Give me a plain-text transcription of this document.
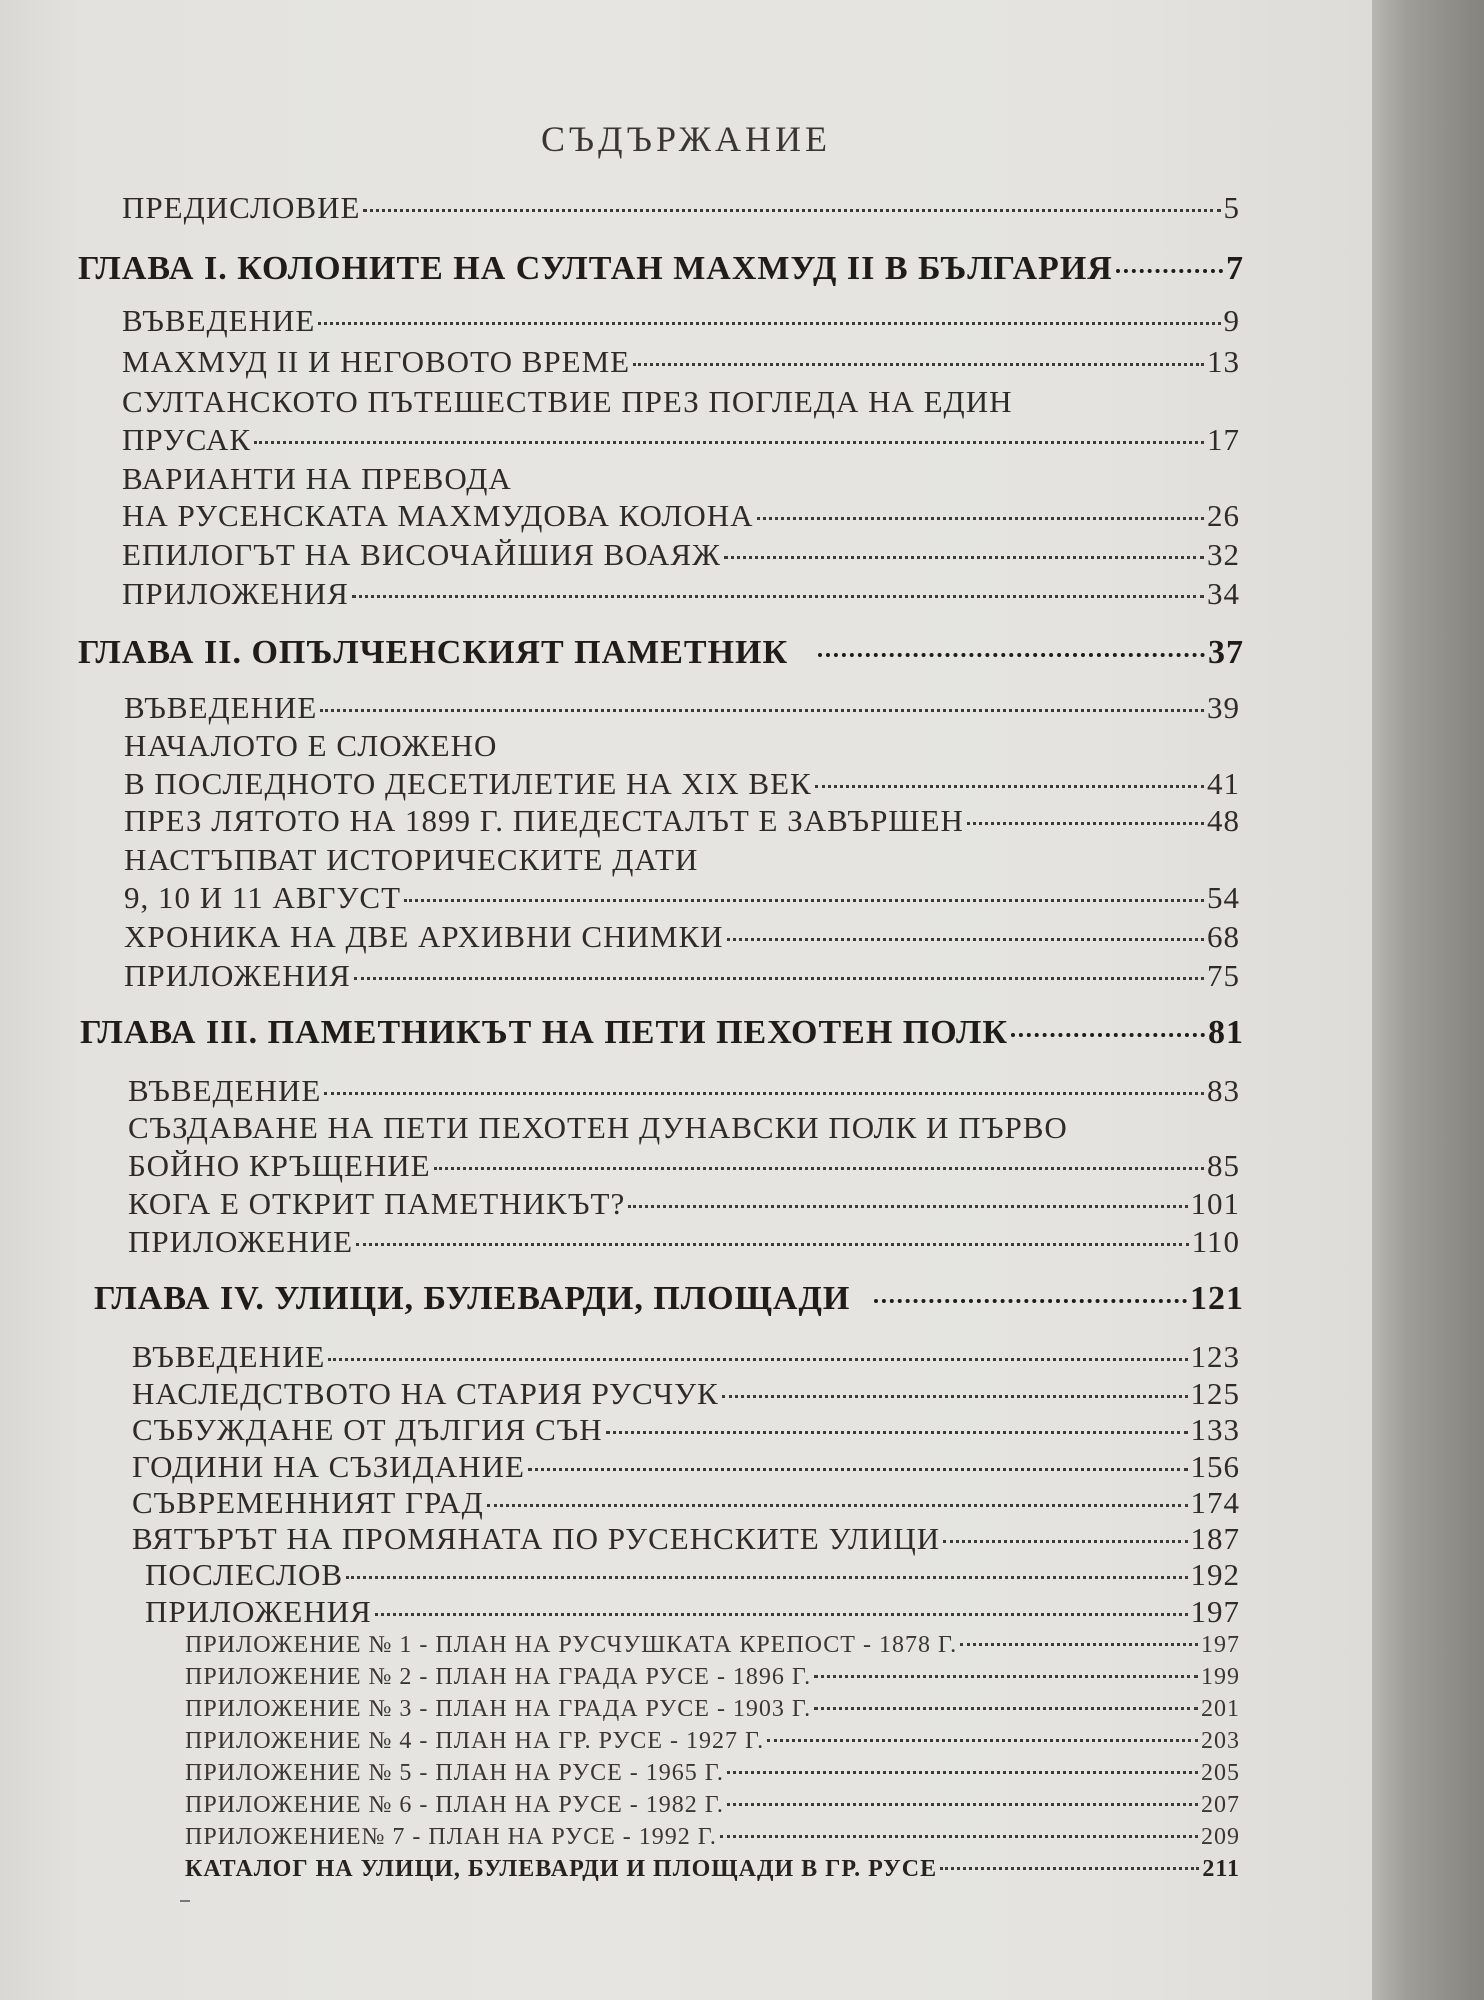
СЪДЪРЖАНИЕ
ПРЕДИСЛОВИЕ	5
ГЛАВА I. КОЛОНИТЕ НА СУЛТАН МАХМУД II В БЪЛГАРИЯ	7
ВЪВЕДЕНИЕ	9
МАХМУД II И НЕГОВОТО ВРЕМЕ	13
СУЛТАНСКОТО ПЪТЕШЕСТВИЕ ПРЕЗ ПОГЛЕДА НА ЕДИН
ПРУСАК	17
ВАРИАНТИ НА ПРЕВОДА
НА РУСЕНСКАТА МАХМУДОВА КОЛОНА	26
ЕПИЛОГЪТ НА ВИСОЧАЙШИЯ ВОАЯЖ	32
ПРИЛОЖЕНИЯ	34
ГЛАВА II. ОПЪЛЧЕНСКИЯТ ПАМЕТНИК	37
ВЪВЕДЕНИЕ	39
НАЧАЛОТО Е СЛОЖЕНО
В ПОСЛЕДНОТО ДЕСЕТИЛЕТИЕ НА XIX ВЕК	41
ПРЕЗ ЛЯТОТО НА 1899 Г. ПИЕДЕСТАЛЪТ Е ЗАВЪРШЕН	48
НАСТЪПВАТ ИСТОРИЧЕСКИТЕ ДАТИ
9, 10 И 11 АВГУСТ	54
ХРОНИКА НА ДВЕ АРХИВНИ СНИМКИ	68
ПРИЛОЖЕНИЯ	75
ГЛАВА III. ПАМЕТНИКЪТ НА ПЕТИ ПЕХОТЕН ПОЛК	81
ВЪВЕДЕНИЕ	83
СЪЗДАВАНЕ НА ПЕТИ ПЕХОТЕН ДУНАВСКИ ПОЛК И ПЪРВО
БОЙНО КРЪЩЕНИЕ	85
КОГА Е ОТКРИТ ПАМЕТНИКЪТ?	101
ПРИЛОЖЕНИЕ	110
ГЛАВА IV. УЛИЦИ, БУЛЕВАРДИ, ПЛОЩАДИ	121
ВЪВЕДЕНИЕ	123
НАСЛЕДСТВОТО НА СТАРИЯ РУСЧУК	125
СЪБУЖДАНЕ ОТ ДЪЛГИЯ СЪН	133
ГОДИНИ НА СЪЗИДАНИЕ	156
СЪВРЕМЕННИЯТ ГРАД	174
ВЯТЪРЪТ НА ПРОМЯНАТА ПО РУСЕНСКИТЕ УЛИЦИ	187
ПОСЛЕСЛОВ	192
ПРИЛОЖЕНИЯ	197
ПРИЛОЖЕНИЕ № 1 - ПЛАН НА РУСЧУШКАТА КРЕПОСТ - 1878 Г.	197
ПРИЛОЖЕНИЕ № 2 - ПЛАН НА ГРАДА РУСЕ - 1896 Г.	199
ПРИЛОЖЕНИЕ № 3 - ПЛАН НА ГРАДА РУСЕ - 1903 Г.	201
ПРИЛОЖЕНИЕ № 4 - ПЛАН НА ГР. РУСЕ - 1927 Г.	203
ПРИЛОЖЕНИЕ № 5 - ПЛАН НА РУСЕ - 1965 Г.	205
ПРИЛОЖЕНИЕ № 6 - ПЛАН НА РУСЕ - 1982 Г.	207
ПРИЛОЖЕНИЕ№ 7 - ПЛАН НА РУСЕ - 1992 Г.	209
КАТАЛОГ НА УЛИЦИ, БУЛЕВАРДИ И ПЛОЩАДИ В ГР. РУСЕ	211
